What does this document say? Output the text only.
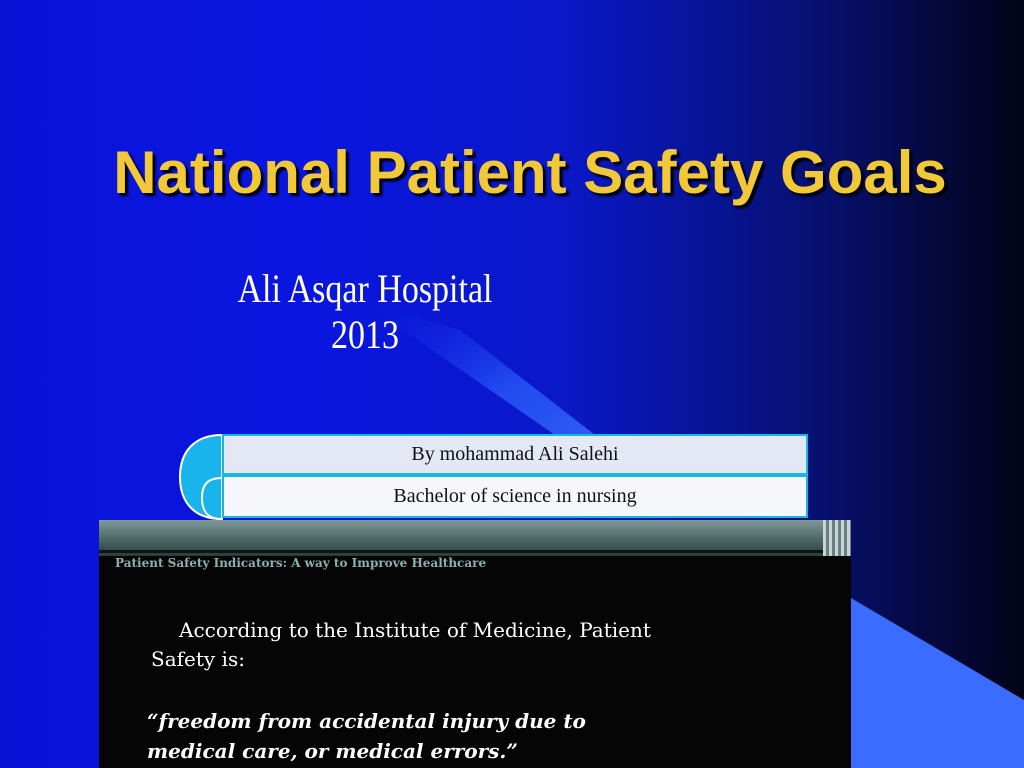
National Patient Safety Goals
Ali Asqar Hospital
2013
By mohammad Ali Salehi
Bachelor of science in nursing
Patient Safety Indicators: A way to Improve Healthcare
According to the Institute of Medicine, Patient
Safety is:
“freedom from accidental injury due to
medical care, or medical errors.”
